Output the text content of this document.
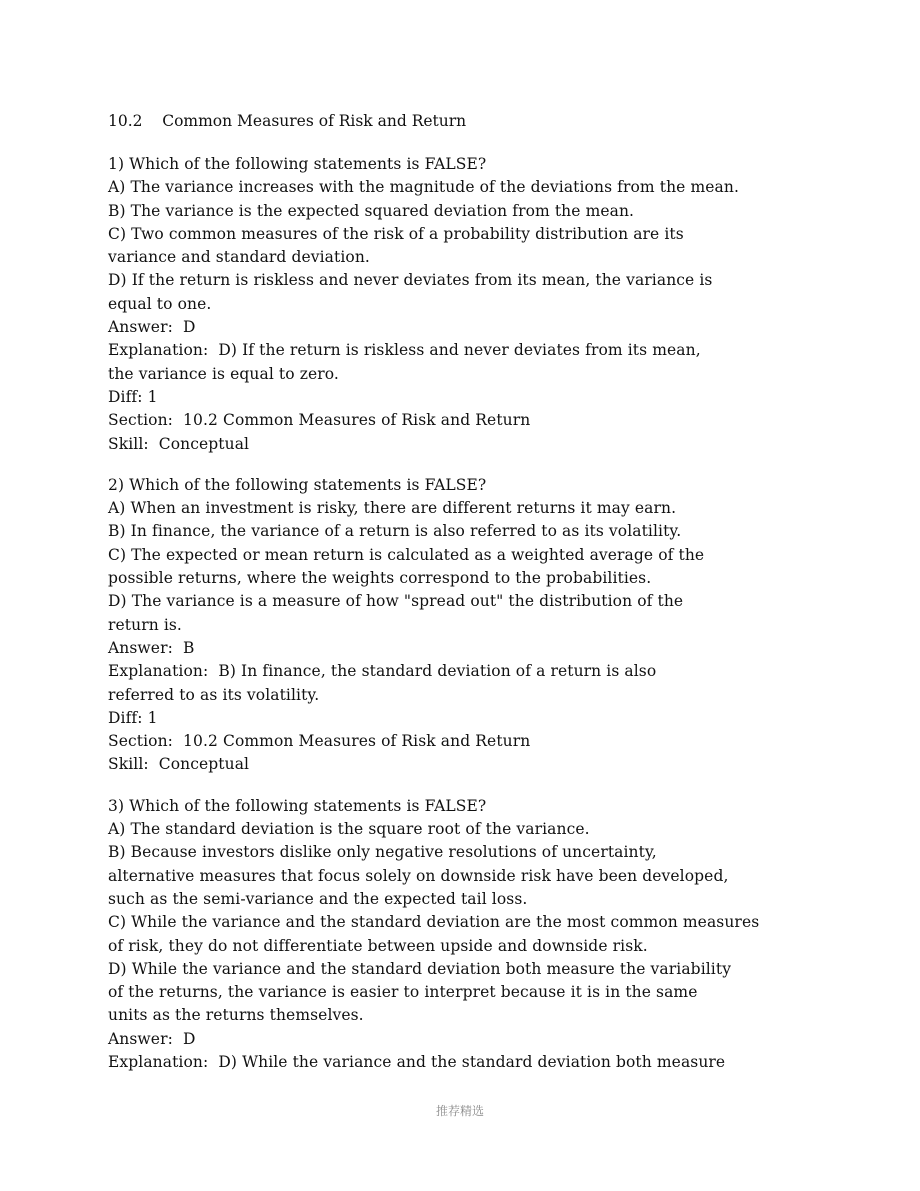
10.2    Common Measures of Risk and Return
1) Which of the following statements is FALSE?
A) The variance increases with the magnitude of the deviations from the mean.
B) The variance is the expected squared deviation from the mean.
C) Two common measures of the risk of a probability distribution are its
variance and standard deviation.
D) If the return is riskless and never deviates from its mean, the variance is
equal to one.
Answer:  D
Explanation:  D) If the return is riskless and never deviates from its mean,
the variance is equal to zero.
Diff: 1
Section:  10.2 Common Measures of Risk and Return
Skill:  Conceptual
2) Which of the following statements is FALSE?
A) When an investment is risky, there are different returns it may earn.
B) In finance, the variance of a return is also referred to as its volatility.
C) The expected or mean return is calculated as a weighted average of the
possible returns, where the weights correspond to the probabilities.
D) The variance is a measure of how "spread out" the distribution of the
return is.
Answer:  B
Explanation:  B) In finance, the standard deviation of a return is also
referred to as its volatility.
Diff: 1
Section:  10.2 Common Measures of Risk and Return
Skill:  Conceptual
3) Which of the following statements is FALSE?
A) The standard deviation is the square root of the variance.
B) Because investors dislike only negative resolutions of uncertainty,
alternative measures that focus solely on downside risk have been developed,
such as the semi-variance and the expected tail loss.
C) While the variance and the standard deviation are the most common measures
of risk, they do not differentiate between upside and downside risk.
D) While the variance and the standard deviation both measure the variability
of the returns, the variance is easier to interpret because it is in the same
units as the returns themselves.
Answer:  D
Explanation:  D) While the variance and the standard deviation both measure
推荐精选
